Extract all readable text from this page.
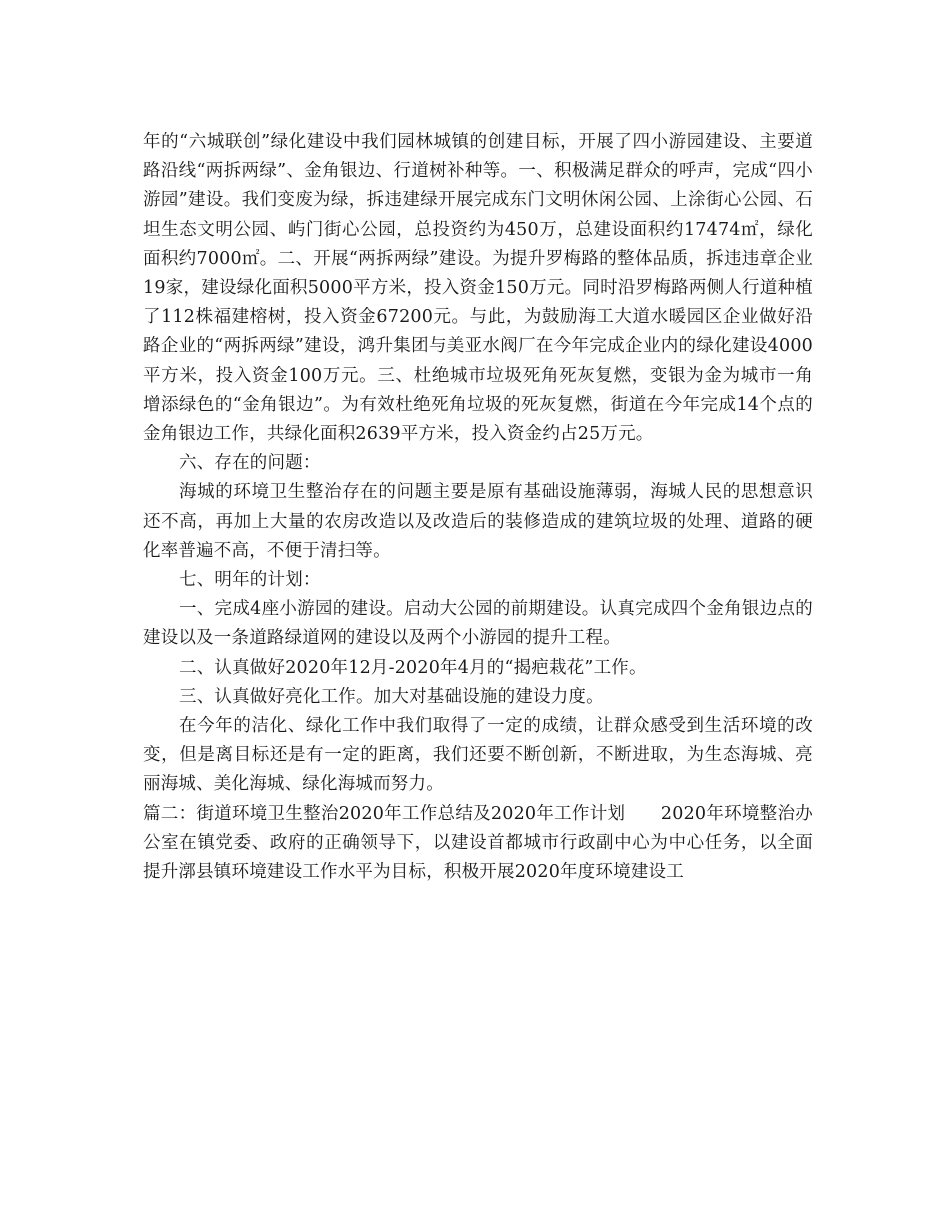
年的“六城联创”绿化建设中我们园林城镇的创建目标，开展了四小游园建设、主要道路沿线“两拆两绿”、金角银边、行道树补种等。一、积极满足群众的呼声，完成“四小游园”建设。我们变废为绿，拆违建绿开展完成东门文明休闲公园、上涂街心公园、石坦生态文明公园、屿门街心公园，总投资约为450万，总建设面积约17474㎡，绿化面积约7000㎡。二、开展“两拆两绿”建设。为提升罗梅路的整体品质，拆违违章企业19家，建设绿化面积5000平方米，投入资金150万元。同时沿罗梅路两侧人行道种植了112株福建榕树，投入资金67200元。与此，为鼓励海工大道水暖园区企业做好沿路企业的“两拆两绿”建设，鸿升集团与美亚水阀厂在今年完成企业内的绿化建设4000平方米，投入资金100万元。三、杜绝城市垃圾死角死灰复燃，变银为金为城市一角增添绿色的“金角银边”。为有效杜绝死角垃圾的死灰复燃，街道在今年完成14个点的金角银边工作，共绿化面积2639平方米，投入资金约占25万元。

六、存在的问题：

海城的环境卫生整治存在的问题主要是原有基础设施薄弱，海城人民的思想意识还不高，再加上大量的农房改造以及改造后的装修造成的建筑垃圾的处理、道路的硬化率普遍不高，不便于清扫等。

七、明年的计划：

一、完成4座小游园的建设。启动大公园的前期建设。认真完成四个金角银边点的建设以及一条道路绿道网的建设以及两个小游园的提升工程。

二、认真做好2020年12月-2020年4月的“揭疤栽花”工作。

三、认真做好亮化工作。加大对基础设施的建设力度。

在今年的洁化、绿化工作中我们取得了一定的成绩，让群众感受到生活环境的改变，但是离目标还是有一定的距离，我们还要不断创新，不断进取，为生态海城、亮丽海城、美化海城、绿化海城而努力。

篇二：街道环境卫生整治2020年工作总结及2020年工作计划　　2020年环境整治办公室在镇党委、政府的正确领导下，以建设首都城市行政副中心为中心任务，以全面提升漷县镇环境建设工作水平为目标，积极开展2020年度环境建设工
